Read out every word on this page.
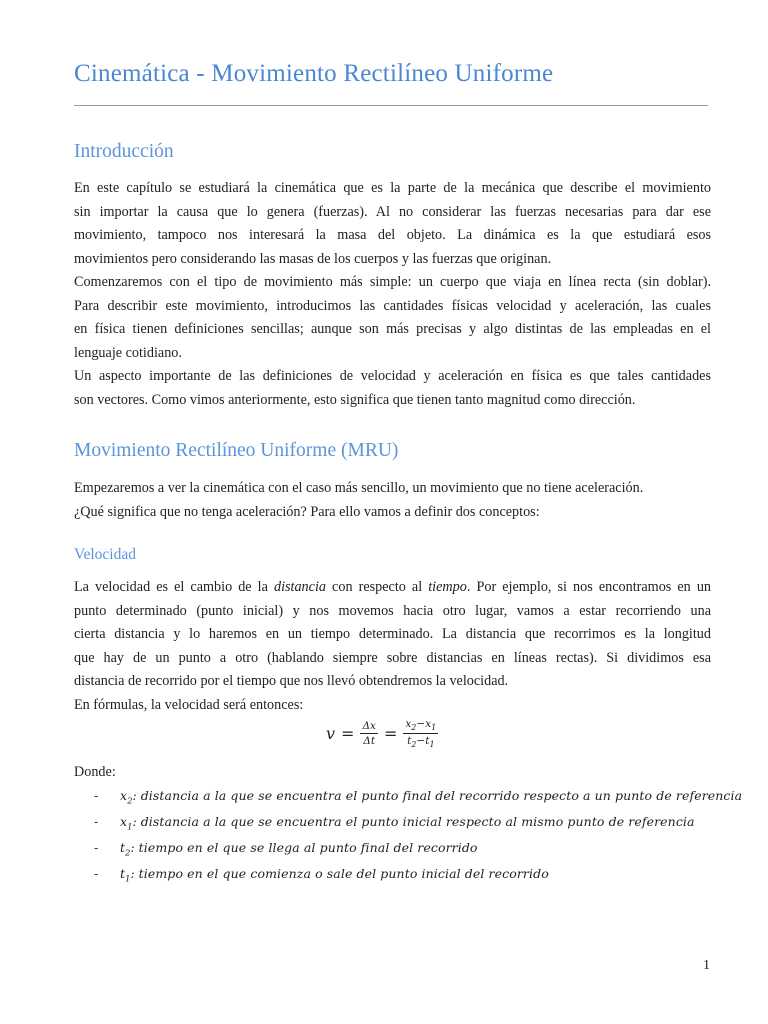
Cinemática - Movimiento Rectilíneo Uniforme
Introducción
En este capítulo se estudiará la cinemática que es la parte de la mecánica que describe el movimiento
sin importar la causa que lo genera (fuerzas). Al no considerar las fuerzas necesarias para dar ese
movimiento, tampoco nos interesará la masa del objeto. La dinámica es la que estudiará esos
movimientos pero considerando las masas de los cuerpos y las fuerzas que originan.
Comenzaremos con el tipo de movimiento más simple: un cuerpo que viaja en línea recta (sin doblar).
Para describir este movimiento, introducimos las cantidades físicas velocidad y aceleración, las cuales
en física tienen definiciones sencillas; aunque son más precisas y algo distintas de las empleadas en el
lenguaje cotidiano.
Un aspecto importante de las definiciones de velocidad y aceleración en física es que tales cantidades
son vectores. Como vimos anteriormente, esto significa que tienen tanto magnitud como dirección.
Movimiento Rectilíneo Uniforme (MRU)
Empezaremos a ver la cinemática con el caso más sencillo, un movimiento que no tiene aceleración.
¿Qué significa que no tenga aceleración? Para ello vamos a definir dos conceptos:
Velocidad
La velocidad es el cambio de la distancia con respecto al tiempo. Por ejemplo, si nos encontramos en un
punto determinado (punto inicial) y nos movemos hacia otro lugar, vamos a estar recorriendo una
cierta distancia y lo haremos en un tiempo determinado. La distancia que recorrimos es la longitud
que hay de un punto a otro (hablando siempre sobre distancias en líneas rectas). Si dividimos esa
distancia de recorrido por el tiempo que nos llevó obtendremos la velocidad.
En fórmulas, la velocidad será entonces:
$v = \frac{\Delta x}{\Delta t} = \frac{x_2-x_1}{t_2-t_1}$
Donde:
-	$x_2$: distancia a la que se encuentra el punto final del recorrido respecto a un punto de referencia
-	$x_1$: distancia a la que se encuentra el punto inicial respecto al mismo punto de referencia
-	$t_2$: tiempo en el que se llega al punto final del recorrido
-	$t_1$: tiempo en el que comienza o sale del punto inicial del recorrido
1
